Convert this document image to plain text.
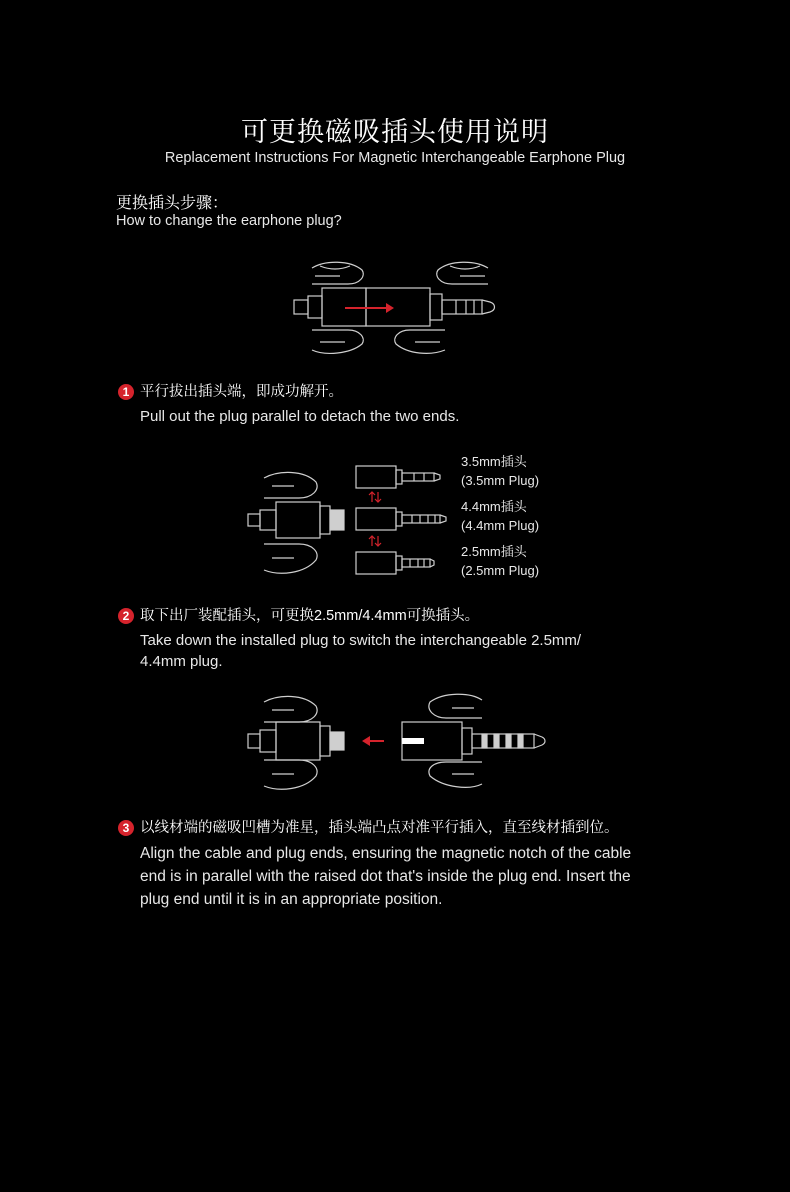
可更换磁吸插头使用说明
Replacement Instructions For Magnetic Interchangeable Earphone Plug
更换插头步骤：
How to change the earphone plug?
1 平行拔出插头端，即成功解开。
Pull out the plug parallel to detach the two ends.
3.5mm插头
(3.5mm Plug)
4.4mm插头
(4.4mm Plug)
2.5mm插头
(2.5mm Plug)
2 取下出厂装配插头，可更换2.5mm/4.4mm可换插头。
Take down the installed plug to switch the interchangeable 2.5mm/
4.4mm plug.
3 以线材端的磁吸凹槽为准星，插头端凸点对准平行插入，直至线材插到位。
Align the cable and plug ends, ensuring the magnetic notch of the cable
end is in parallel with the raised dot that's inside the plug end. Insert the
plug end until it is in an appropriate position.
